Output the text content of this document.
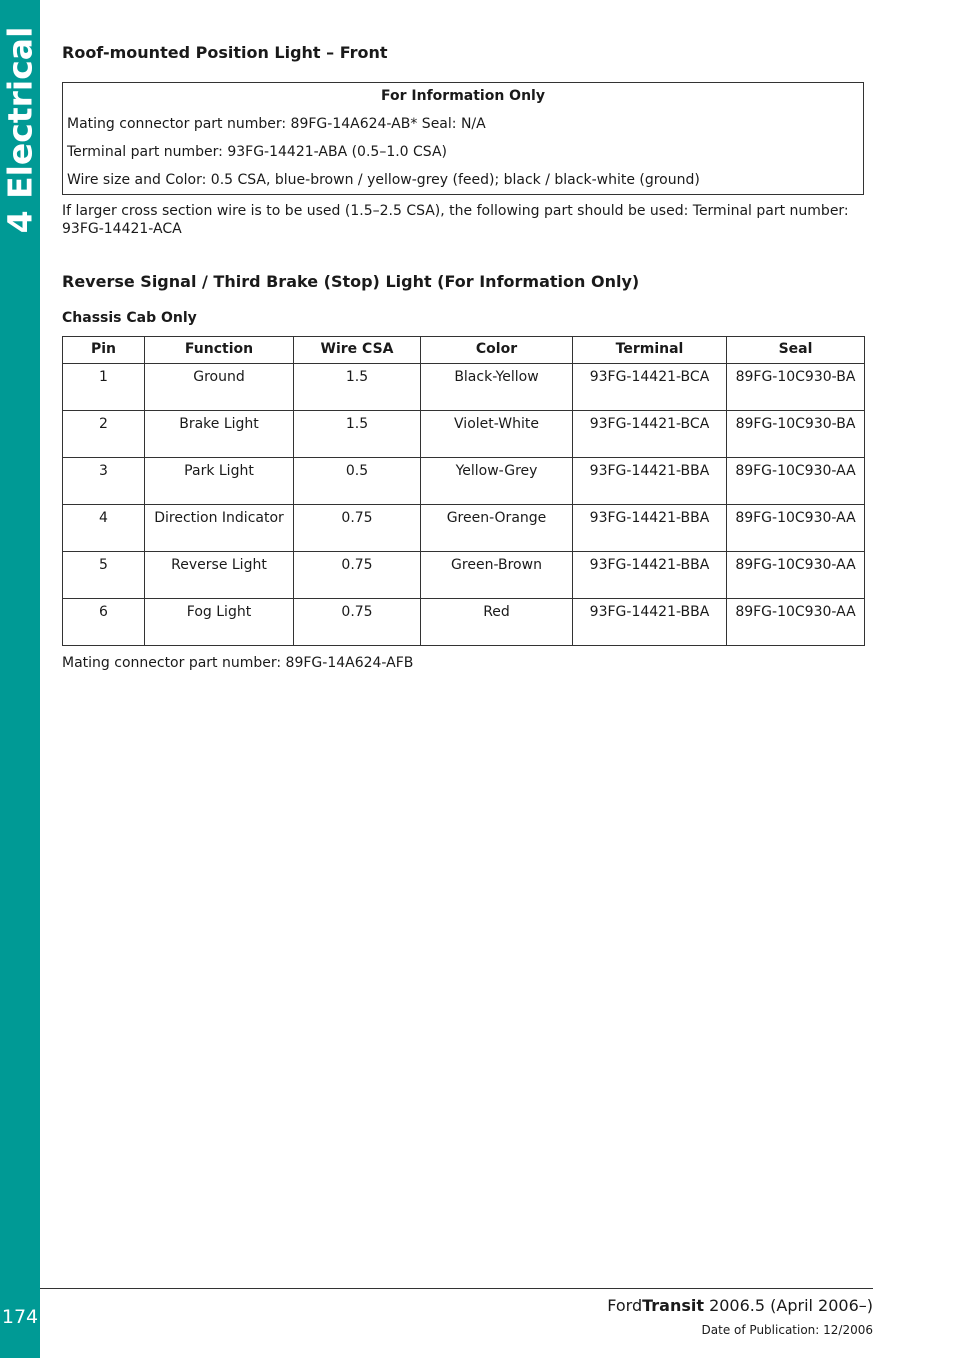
4 Electrical
174
Roof-mounted Position Light – Front
For Information Only
Mating connector part number: 89FG-14A624-AB* Seal: N/A
Terminal part number: 93FG-14421-ABA (0.5–1.0 CSA)
Wire size and Color: 0.5 CSA, blue-brown / yellow-grey (feed); black / black-white (ground)

If larger cross section wire is to be used (1.5–2.5 CSA), the following part should be used: Terminal part number: 93FG-14421-ACA

Reverse Signal / Third Brake (Stop) Light (For Information Only)
Chassis Cab Only
Pin	Function	Wire CSA	Color	Terminal	Seal
1	Ground	1.5	Black-Yellow	93FG-14421-BCA	89FG-10C930-BA
2	Brake Light	1.5	Violet-White	93FG-14421-BCA	89FG-10C930-BA
3	Park Light	0.5	Yellow-Grey	93FG-14421-BBA	89FG-10C930-AA
4	Direction Indicator	0.75	Green-Orange	93FG-14421-BBA	89FG-10C930-AA
5	Reverse Light	0.75	Green-Brown	93FG-14421-BBA	89FG-10C930-AA
6	Fog Light	0.75	Red	93FG-14421-BBA	89FG-10C930-AA

Mating connector part number: 89FG-14A624-AFB

FordTransit 2006.5 (April 2006–)
Date of Publication: 12/2006
